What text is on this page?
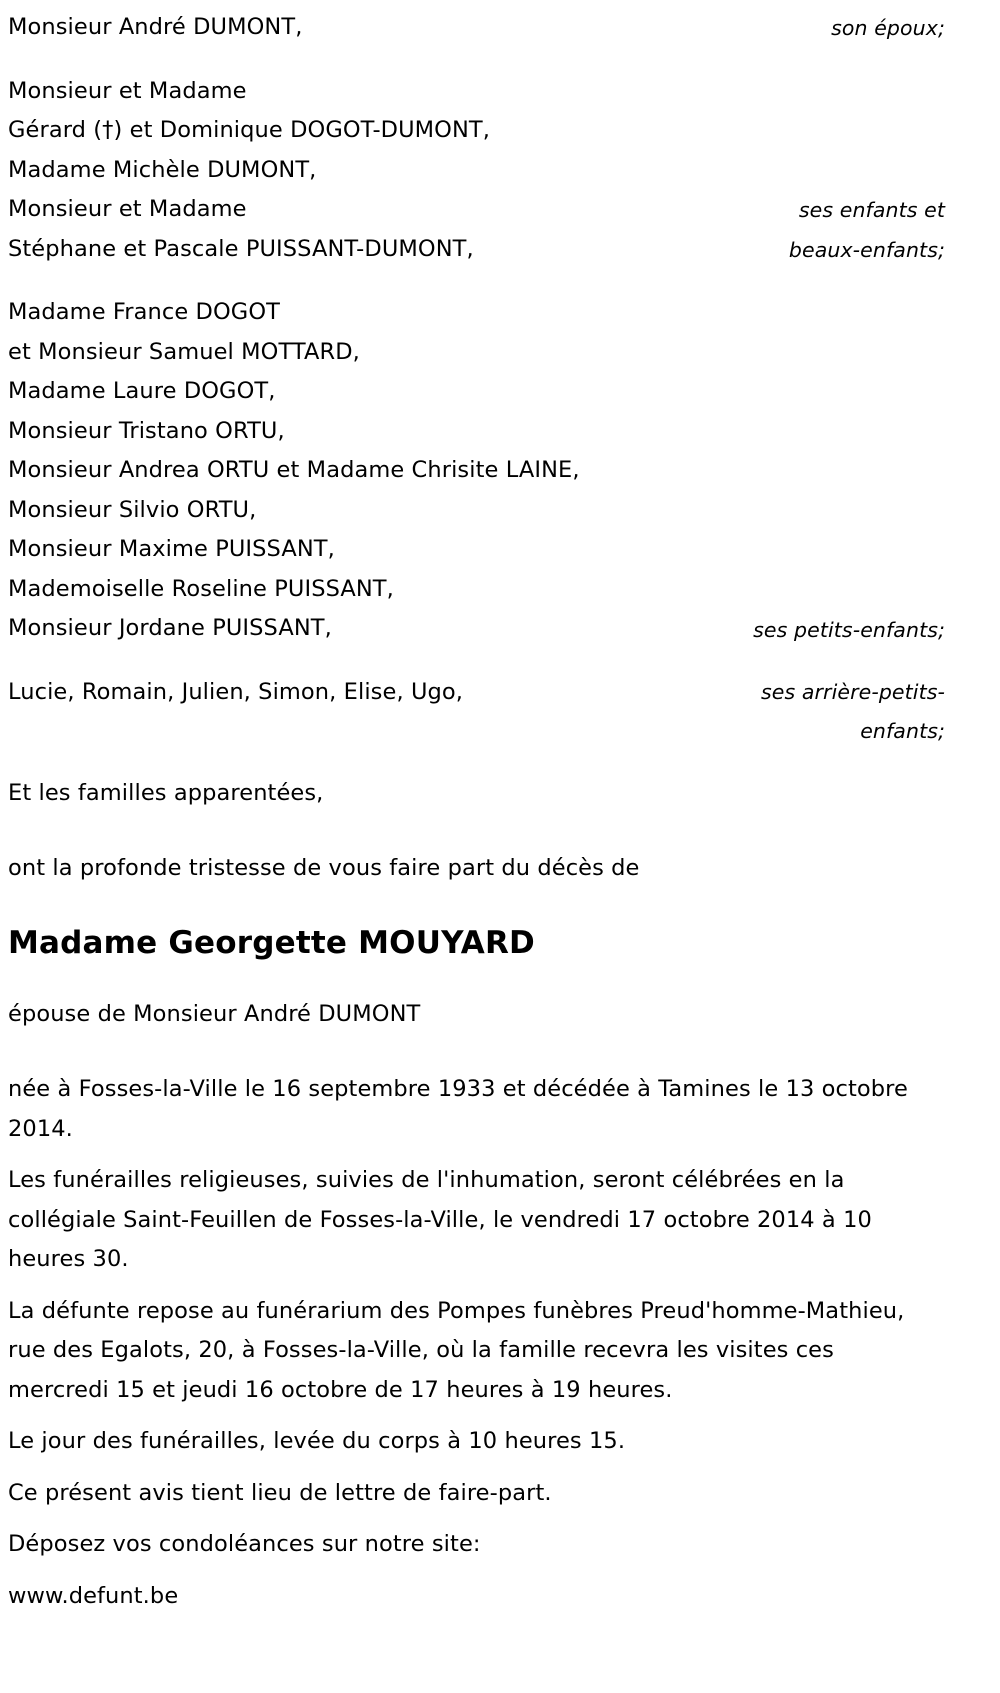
Monsieur André DUMONT,	son époux;
Monsieur et Madame
Gérard (†) et Dominique DOGOT-DUMONT,
Madame Michèle DUMONT,
Monsieur et Madame
Stéphane et Pascale PUISSANT-DUMONT,
ses enfants et
beaux-enfants;
Madame France DOGOT
et Monsieur Samuel MOTTARD,
Madame Laure DOGOT,
Monsieur Tristano ORTU,
Monsieur Andrea ORTU et Madame Chrisite LAINE,
Monsieur Silvio ORTU,
Monsieur Maxime PUISSANT,
Mademoiselle Roseline PUISSANT,
Monsieur Jordane PUISSANT,	ses petits-enfants;
Lucie, Romain, Julien, Simon, Elise, Ugo,	ses arrière-petits-
enfants;
Et les familles apparentées,
ont la profonde tristesse de vous faire part du décès de
Madame Georgette MOUYARD
épouse de Monsieur André DUMONT
née à Fosses-la-Ville le 16 septembre 1933 et décédée à Tamines le 13 octobre 2014.
Les funérailles religieuses, suivies de l'inhumation, seront célébrées en la collégiale Saint-Feuillen de Fosses-la-Ville, le vendredi 17 octobre 2014 à 10 heures 30.
La défunte repose au funérarium des Pompes funèbres Preud'homme-Mathieu, rue des Egalots, 20, à Fosses-la-Ville, où la famille recevra les visites ces mercredi 15 et jeudi 16 octobre de 17 heures à 19 heures.
Le jour des funérailles, levée du corps à 10 heures 15.
Ce présent avis tient lieu de lettre de faire-part.
Déposez vos condoléances sur notre site:
www.defunt.be
